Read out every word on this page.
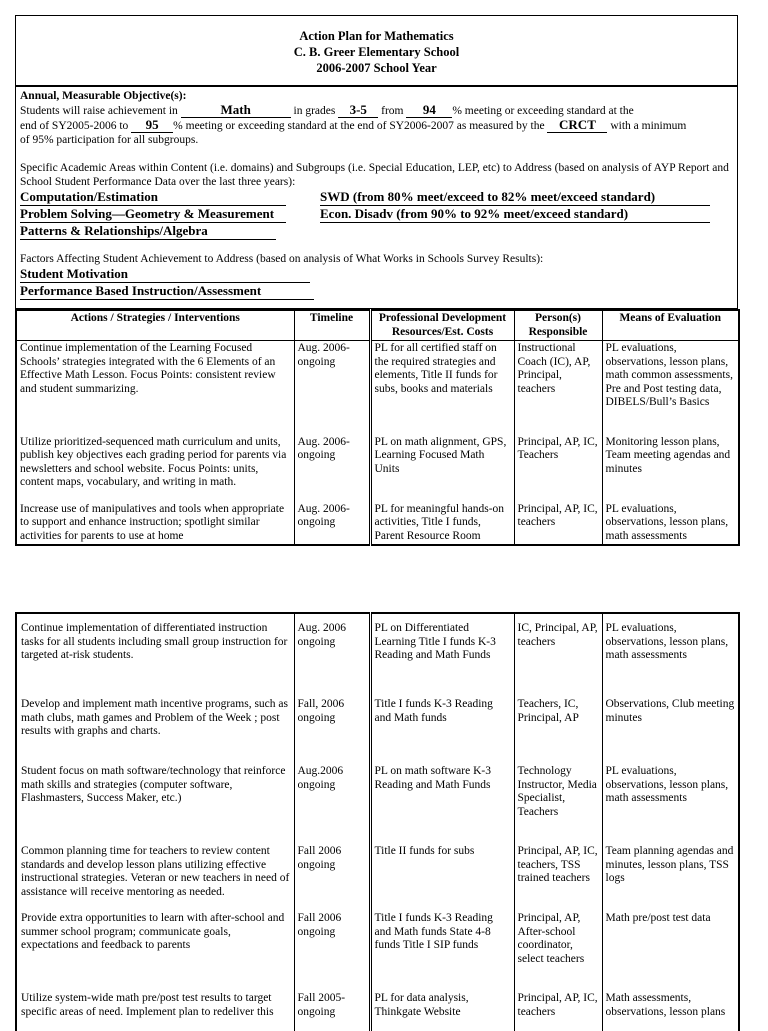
Action Plan for Mathematics
C. B. Greer Elementary School
2006-2007 School Year
Annual, Measurable Objective(s):
Students will raise achievement in	Math	in grades 3-5 from 94 % meeting or exceeding standard at the
end of SY2005-2006 to 95 % meeting or exceeding standard at the end of SY2006-2007 as measured by the CRCT with a minimum
of 95% participation for all subgroups.
Specific Academic Areas within Content (i.e. domains) and Subgroups (i.e. Special Education, LEP, etc) to Address (based on analysis of AYP Report and School Student Performance Data over the last three years):
Computation/Estimation
Problem Solving—Geometry & Measurement
Patterns & Relationships/Algebra
SWD (from 80% meet/exceed to 82% meet/exceed standard)
Econ. Disadv (from 90% to 92% meet/exceed standard)
Factors Affecting Student Achievement to Address (based on analysis of What Works in Schools Survey Results):
Student Motivation
Performance Based Instruction/Assessment
Actions / Strategies / Interventions	Timeline	Professional Development Resources/Est. Costs	Person(s) Responsible	Means of Evaluation
Continue implementation of the Learning Focused Schools’ strategies integrated with the 6 Elements of an Effective Math Lesson. Focus Points: consistent review and student summarizing.	Aug. 2006- ongoing	PL for all certified staff on the required strategies and elements, Title II funds for subs, books and materials	Instructional Coach (IC), AP, Principal, teachers	PL evaluations, observations, lesson plans, math common assessments, Pre and Post testing data, DIBELS/Bull’s Basics
Utilize prioritized-sequenced math curriculum and units, publish key objectives each grading period for parents via newsletters and school website. Focus Points: units, content maps, vocabulary, and writing in math.	Aug. 2006- ongoing	PL on math alignment, GPS, Learning Focused Math Units	Principal, AP, IC, Teachers	Monitoring lesson plans, Team meeting agendas and minutes
Increase use of manipulatives and tools when appropriate to support and enhance instruction; spotlight similar activities for parents to use at home	Aug. 2006- ongoing	PL for meaningful hands-on activities, Title I funds, Parent Resource Room	Principal, AP, IC, teachers	PL evaluations, observations, lesson plans, math assessments

Continue implementation of differentiated instruction tasks for all students including small group instruction for targeted at-risk students.	Aug. 2006 ongoing	PL on Differentiated Learning Title I funds K-3 Reading and Math Funds	IC, Principal, AP, teachers	PL evaluations, observations, lesson plans, math assessments
Develop and implement math incentive programs, such as math clubs, math games and Problem of the Week ; post results with graphs and charts.	Fall, 2006 ongoing	Title I funds K-3 Reading and Math funds	Teachers, IC, Principal, AP	Observations, Club meeting minutes
Student focus on math software/technology that reinforce math skills and strategies (computer software, Flashmasters, Success Maker, etc.)	Aug.2006 ongoing	PL on math software K-3 Reading and Math Funds	Technology Instructor, Media Specialist, Teachers	PL evaluations, observations, lesson plans, math assessments
Common planning time for teachers to review content standards and develop lesson plans utilizing effective instructional strategies. Veteran or new teachers in need of assistance will receive mentoring as needed.	Fall 2006 ongoing	Title II funds for subs	Principal, AP, IC, teachers, TSS trained teachers	Team planning agendas and minutes, lesson plans, TSS logs
Provide extra opportunities to learn with after-school and summer school program; communicate goals, expectations and feedback to parents	Fall 2006 ongoing	Title I funds K-3 Reading and Math funds State 4-8 funds Title I SIP funds	Principal, AP, After-school coordinator, select teachers	Math pre/post test data
Utilize system-wide math pre/post test results to target specific areas of need. Implement plan to redeliver this	Fall 2005- ongoing	PL for data analysis, Thinkgate Website	Principal, AP, IC, teachers	Math assessments, observations, lesson plans
